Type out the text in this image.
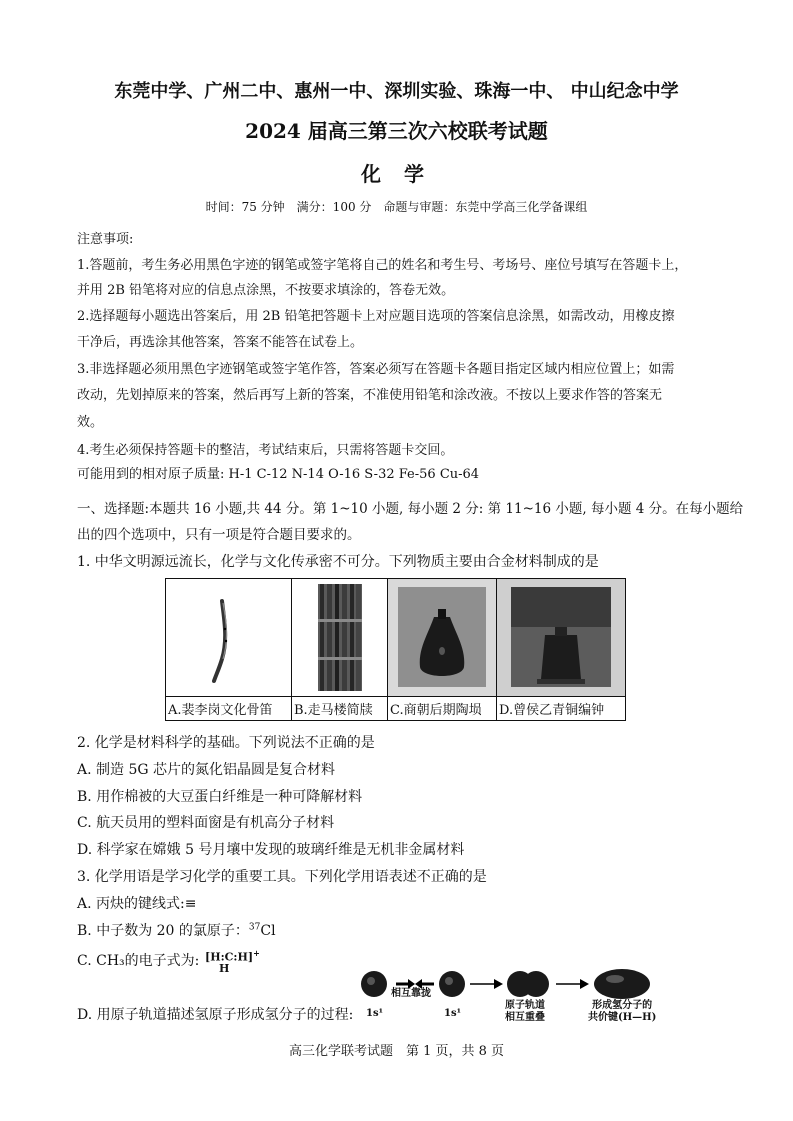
东莞中学、广州二中、惠州一中、深圳实验、珠海一中、 中山纪念中学
2024 届高三第三次六校联考试题
化 学
时间：75 分钟　满分：100 分　命题与审题：东莞中学高三化学备课组
注意事项:
1.答题前，考生务必用黑色字迹的钢笔或签字笔将自己的姓名和考生号、考场号、座位号填写在答题卡上，
并用 2B 铅笔将对应的信息点涂黑，不按要求填涂的，答卷无效。
2.选择题每小题选出答案后，用 2B 铅笔把答题卡上对应题目选项的答案信息涂黑，如需改动，用橡皮擦
干净后，再选涂其他答案，答案不能答在试卷上。
3.非选择题必须用黑色字迹钢笔或签字笔作答，答案必须写在答题卡各题目指定区域内相应位置上；如需
改动，先划掉原来的答案，然后再写上新的答案，不准使用铅笔和涂改液。不按以上要求作答的答案无
效。
4.考生必须保持答题卡的整洁，考试结束后，只需将答题卡交回。
可能用到的相对原子质量: H-1 C-12 N-14 O-16 S-32 Fe-56 Cu-64
一、选择题:本题共 16 小题,共 44 分。第 1~10 小题, 每小题 2 分: 第 11~16 小题, 每小题 4 分。在每小题给
出的四个选项中，只有一项是符合题目要求的。
1. 中华文明源远流长，化学与文化传承密不可分。下列物质主要由合金材料制成的是

A.裴李岗文化骨笛	B.走马楼简牍	C.商朝后期陶埙	D.曾侯乙青铜编钟
2. 化学是材料科学的基础。下列说法不正确的是
A. 制造 5G 芯片的氮化铝晶圆是复合材料
B. 用作棉被的大豆蛋白纤维是一种可降解材料
C. 航天员用的塑料面窗是有机高分子材料
D. 科学家在嫦娥 5 号月壤中发现的玻璃纤维是无机非金属材料
3. 化学用语是学习化学的重要工具。下列化学用语表述不正确的是
A. 丙炔的键线式:≡
B. 中子数为 20 的氯原子：$^{37}$Cl
C. CH₃的电子式为: [H:C:H]+
H
D. 用原子轨道描述氢原子形成氢分子的过程:
相互靠拢
1s¹	1s¹
原子轨道
相互重叠
形成氢分子的
共价键(H—H)
高三化学联考试题　第 1 页，共 8 页
